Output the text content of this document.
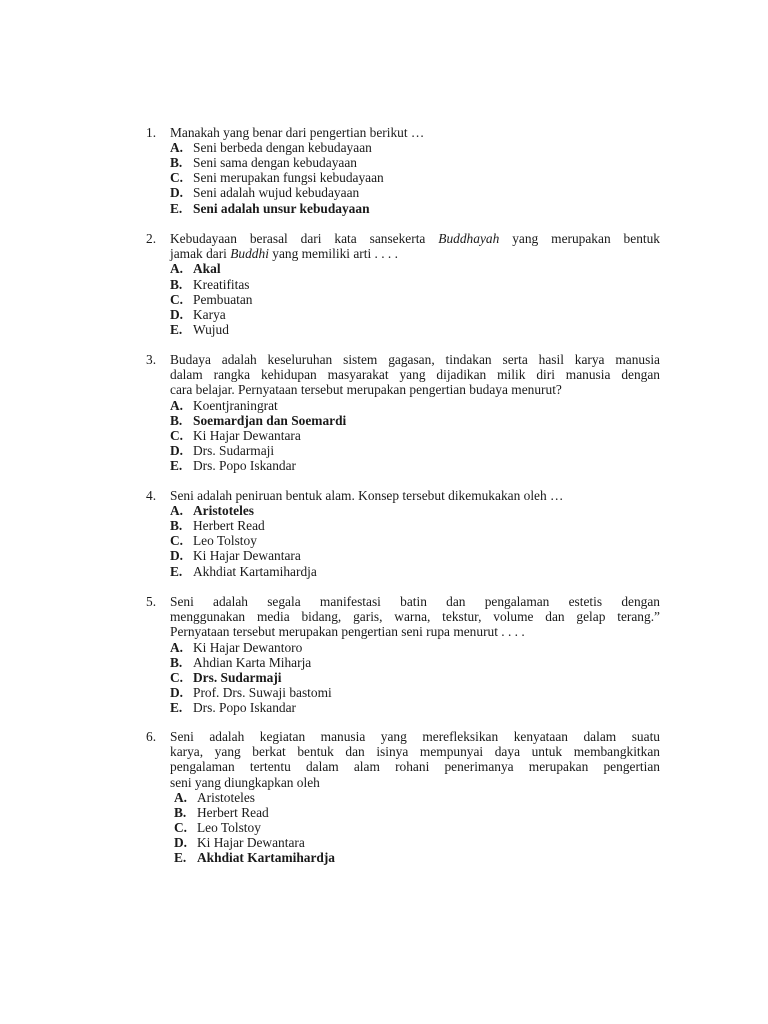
1.	Manakah yang benar dari pengertian berikut …
A. Seni berbeda dengan kebudayaan
B. Seni sama dengan kebudayaan
C. Seni merupakan fungsi kebudayaan
D. Seni adalah wujud kebudayaan
E. Seni adalah unsur kebudayaan
2.	Kebudayaan berasal dari kata sansekerta Buddhayah yang merupakan bentuk
jamak dari Buddhi yang memiliki arti . . . .
A. Akal
B. Kreatifitas
C. Pembuatan
D. Karya
E. Wujud
3.	Budaya adalah keseluruhan sistem gagasan, tindakan serta hasil karya manusia
dalam rangka kehidupan masyarakat yang dijadikan milik diri manusia dengan
cara belajar. Pernyataan tersebut merupakan pengertian budaya menurut?
A. Koentjraningrat
B. Soemardjan dan Soemardi
C. Ki Hajar Dewantara
D. Drs. Sudarmaji
E. Drs. Popo Iskandar
4.	Seni adalah peniruan bentuk alam. Konsep tersebut dikemukakan oleh …
A. Aristoteles
B. Herbert Read
C. Leo Tolstoy
D. Ki Hajar Dewantara
E. Akhdiat Kartamihardja
5.	Seni adalah segala manifestasi batin dan pengalaman estetis dengan
menggunakan media bidang, garis, warna, tekstur, volume dan gelap terang.”
Pernyataan tersebut merupakan pengertian seni rupa menurut . . . .
A. Ki Hajar Dewantoro
B. Ahdian Karta Miharja
C. Drs. Sudarmaji
D. Prof. Drs. Suwaji bastomi
E. Drs. Popo Iskandar
6.	Seni adalah kegiatan manusia yang merefleksikan kenyataan dalam suatu
karya, yang berkat bentuk dan isinya mempunyai daya untuk membangkitkan
pengalaman tertentu dalam alam rohani penerimanya merupakan pengertian
seni yang diungkapkan oleh
A. Aristoteles
B. Herbert Read
C. Leo Tolstoy
D. Ki Hajar Dewantara
E. Akhdiat Kartamihardja
